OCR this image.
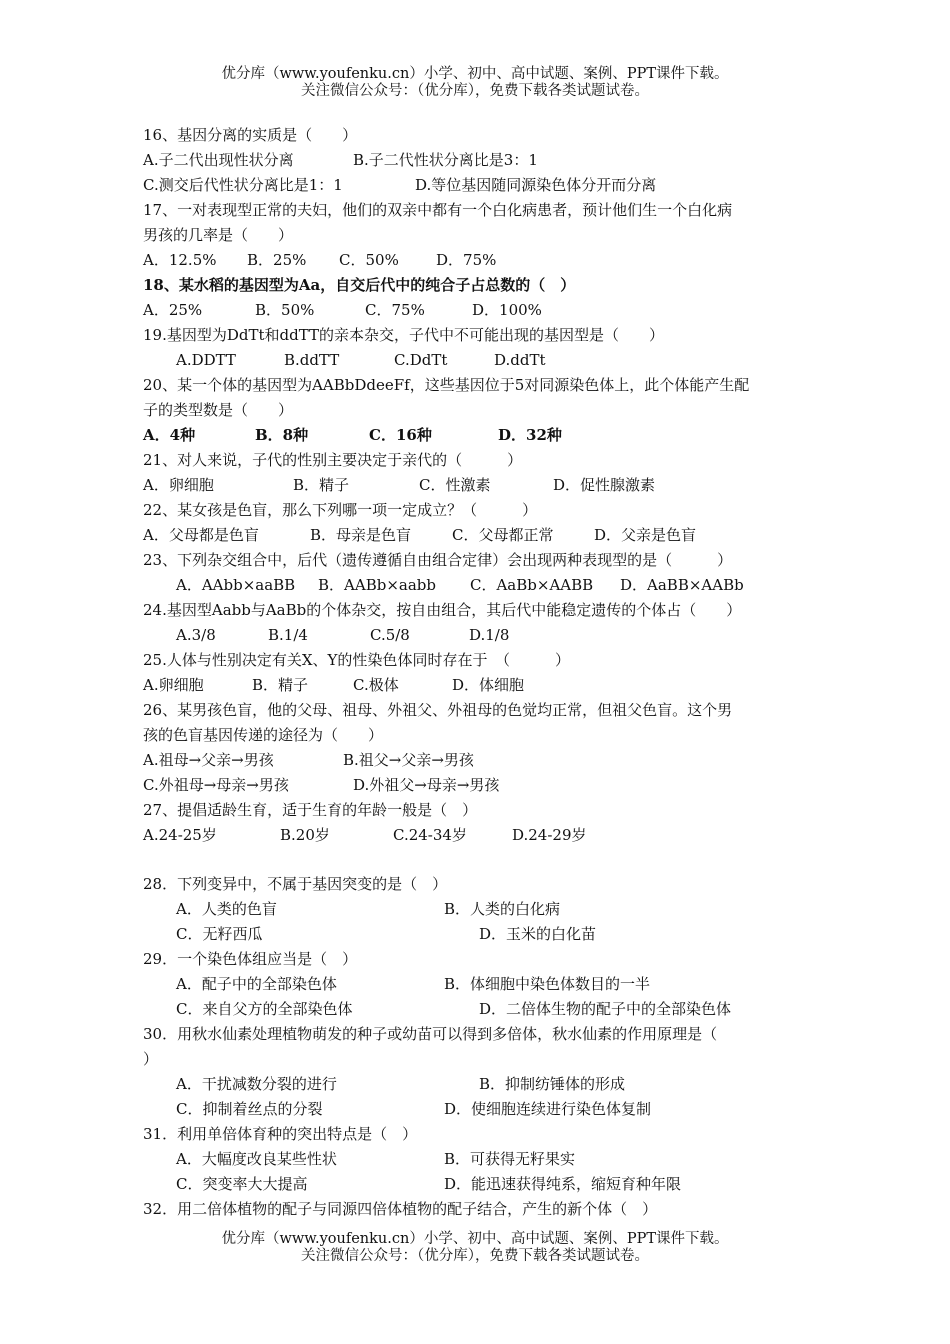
优分库（www.youfenku.cn）小学、初中、高中试题、案例、PPT课件下载。
关注微信公众号：（优分库），免费下载各类试题试卷。
16、基因分离的实质是（　　）
A.子二代出现性状分离	B.子二代性状分离比是3：1
C.测交后代性状分离比是1：1	D.等位基因随同源染色体分开而分离
17、一对表现型正常的夫妇，他们的双亲中都有一个白化病患者，预计他们生一个白化病
男孩的几率是（　　）
A．12.5% B．25% C．50% D．75%
18、某水稻的基因型为Aa，自交后代中的纯合子占总数的（　）
A．25%	B．50%	C．75%	D．100%
19.基因型为DdTt和ddTT的亲本杂交，子代中不可能出现的基因型是（　　）
A.DDTT	B.ddTT	C.DdTt	D.ddTt
20、某一个体的基因型为AABbDdeeFf，这些基因位于5对同源染色体上，此个体能产生配
子的类型数是（　　）
A．4种	B．8种	C．16种	D．32种
21、对人来说，子代的性别主要决定于亲代的（　　　）
A．卵细胞	B．精子	C．性激素	D．促性腺激素
22、某女孩是色盲，那么下列哪一项一定成立？（　　　）
A．父母都是色盲	B．母亲是色盲	C．父母都正常	D．父亲是色盲
23、下列杂交组合中，后代（遗传遵循自由组合定律）会出现两种表现型的是（　　　）
A．AAbb×aaBB B．AABb×aabb C．AaBb×AABB D．AaBB×AABb
24.基因型Aabb与AaBb的个体杂交，按自由组合，其后代中能稳定遗传的个体占（　　）
A.3/8	B.1/4	C.5/8	D.1/8
25.人体与性别决定有关X、Y的性染色体同时存在于　（　　　）
A.卵细胞	B．精子	C.极体	D．体细胞
26、某男孩色盲，他的父母、祖母、外祖父、外祖母的色觉均正常，但祖父色盲。这个男
孩的色盲基因传递的途径为（　　）
A.祖母→父亲→男孩	B.祖父→父亲→男孩
C.外祖母→母亲→男孩	D.外祖父→母亲→男孩
27、提倡适龄生育，适于生育的年龄一般是（　）
A.24-25岁	B.20岁	C.24-34岁	D.24-29岁
28．下列变异中，不属于基因突变的是（　）
A．人类的色盲	B．人类的白化病
C．无籽西瓜	D．玉米的白化苗
29．一个染色体组应当是（　）
A．配子中的全部染色体	B．体细胞中染色体数目的一半
C．来自父方的全部染色体	D．二倍体生物的配子中的全部染色体
30．用秋水仙素处理植物萌发的种子或幼苗可以得到多倍体，秋水仙素的作用原理是（
）
A．干扰减数分裂的进行	B．抑制纺锤体的形成
C．抑制着丝点的分裂	D．使细胞连续进行染色体复制
31．利用单倍体育种的突出特点是（　）
A．大幅度改良某些性状	B．可获得无籽果实
C．突变率大大提高	D．能迅速获得纯系，缩短育种年限
32．用二倍体植物的配子与同源四倍体植物的配子结合，产生的新个体（　）
优分库（www.youfenku.cn）小学、初中、高中试题、案例、PPT课件下载。
关注微信公众号：（优分库），免费下载各类试题试卷。
